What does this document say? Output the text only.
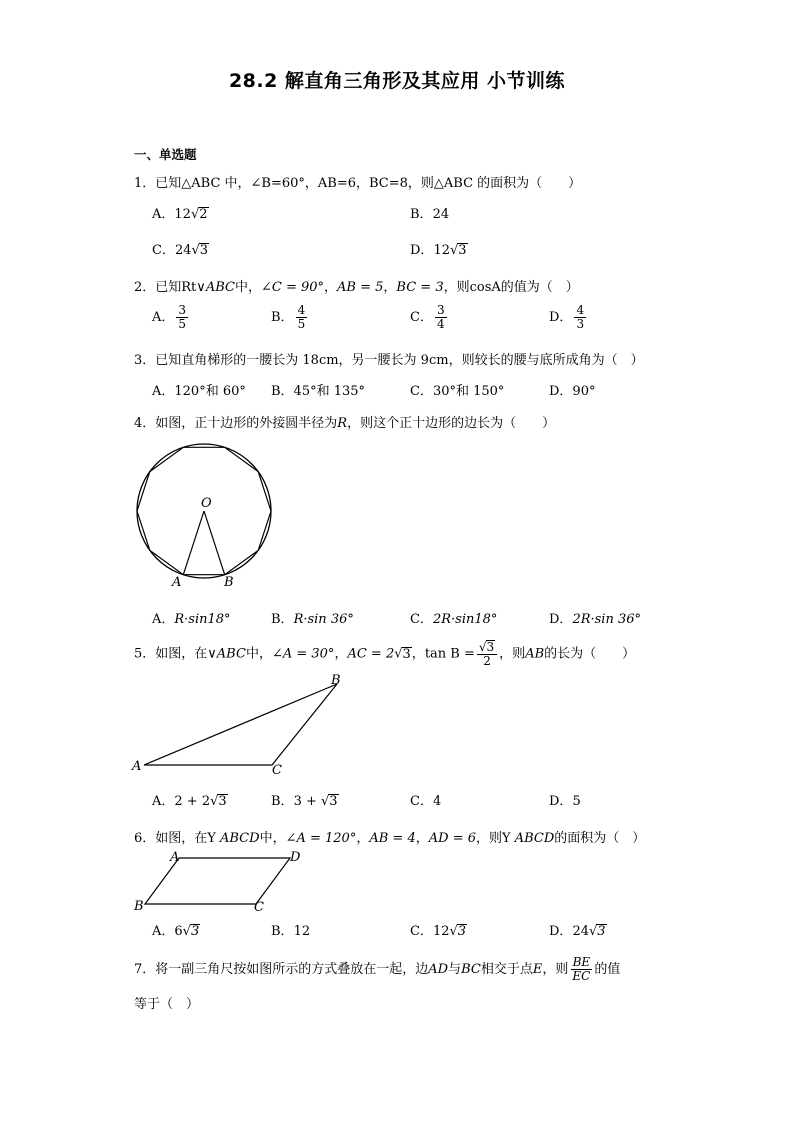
28.2 解直角三角形及其应用 小节训练
一、单选题
1．已知△ABC 中，∠B=60°，AB=6，BC=8，则△ABC 的面积为（　　）
A．12√2	B．24
C．24√3	D．12√3
2．已知Rt∨ABC中，∠C = 90°，AB = 5，BC = 3，则cosA的值为（　）
A． $\frac{3}{5}$	B． $\frac{4}{5}$	C． $\frac{3}{4}$	D． $\frac{4}{3}$
3．已知直角梯形的一腰长为 18cm，另一腰长为 9cm，则较长的腰与底所成角为（　）
A．120°和 60° B．45°和 135°	C．30°和 150°	D．90°
4．如图，正十边形的外接圆半径为R，则这个正十边形的边长为（　　）
O
A	B
A．R·sin18°	B．R·sin 36°	C．2R·sin18°	D．2R·sin 36°
5．如图，在∨ABC中，∠A = 30°，AC = 2√3，$\tan B = \frac{√3}{2}$ ，则AB的长为（　　）
A
B
C
A．2 + 2√3	B．3 + √3	C．4	D．5
6．如图，在Y ABCD中，∠A = 120°，AB = 4，AD = 6，则Y ABCD的面积为（　）
A
B	C
D
A．6√3	B．12	C．12√3	D．24√3
7．将一副三角尺按如图所示的方式叠放在一起，边AD与BC相交于点E，则 $\frac{BE}{EC}$ 的值
等于（　）
